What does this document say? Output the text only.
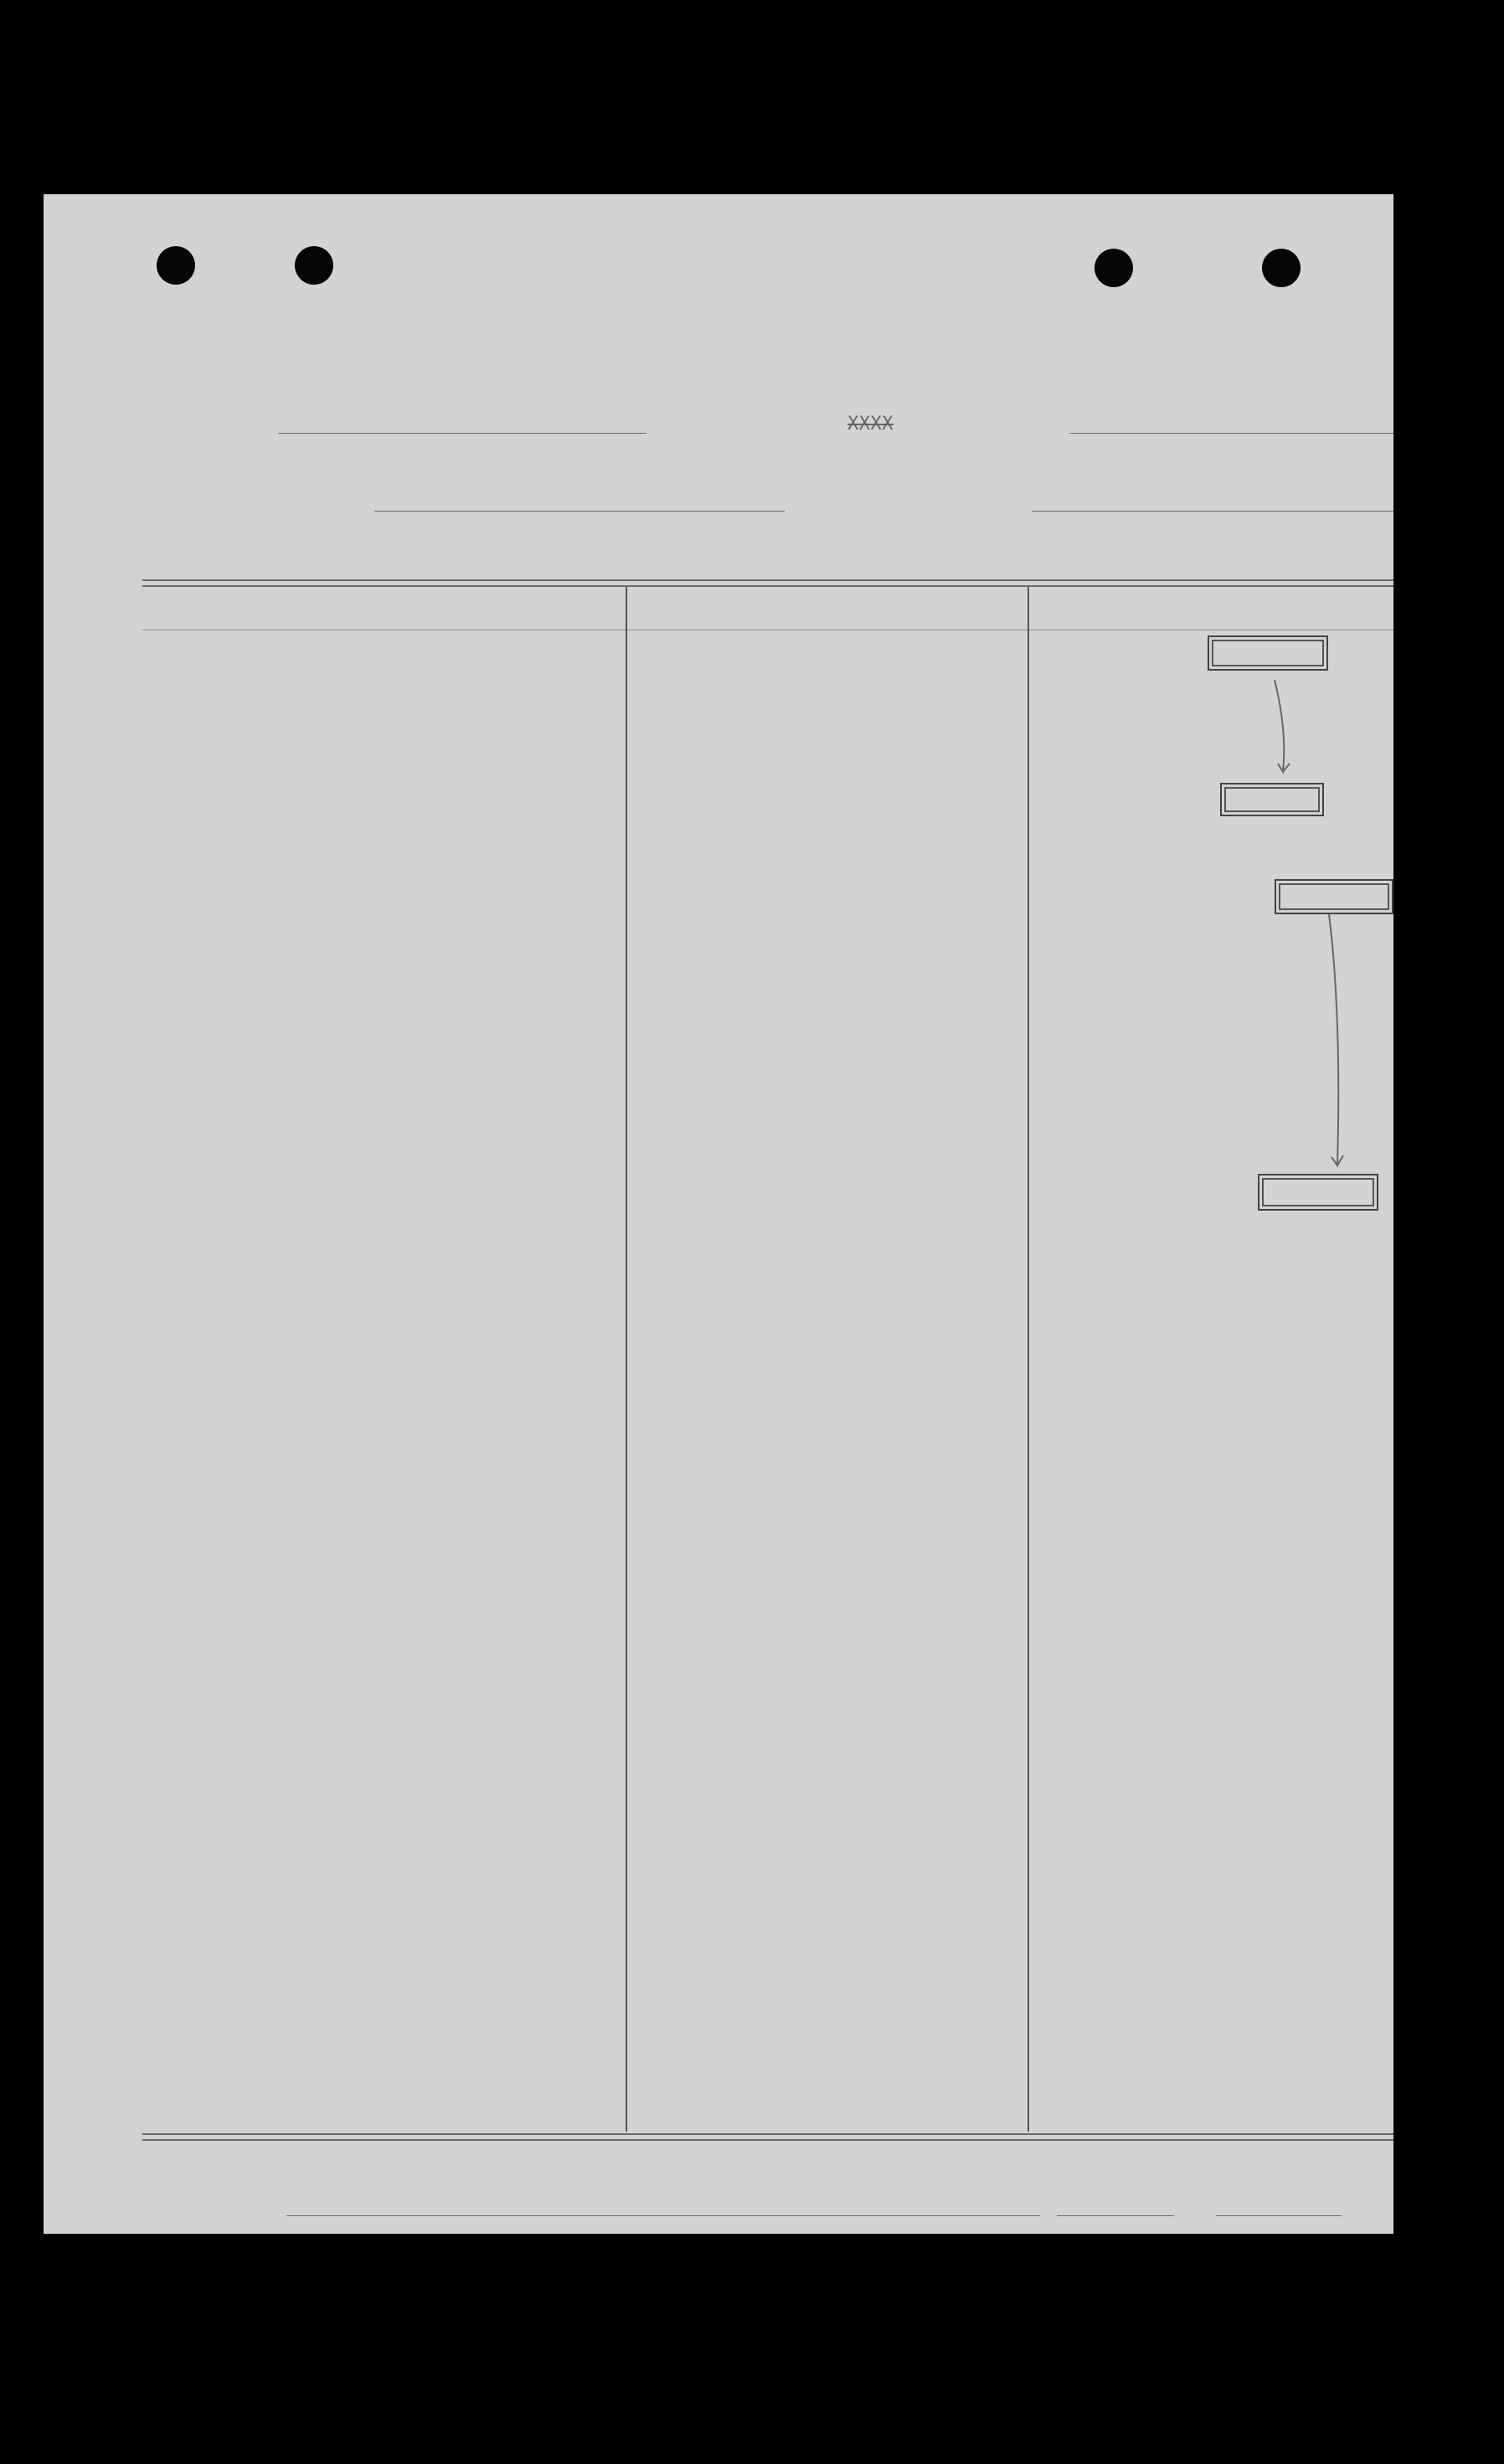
XXXX
